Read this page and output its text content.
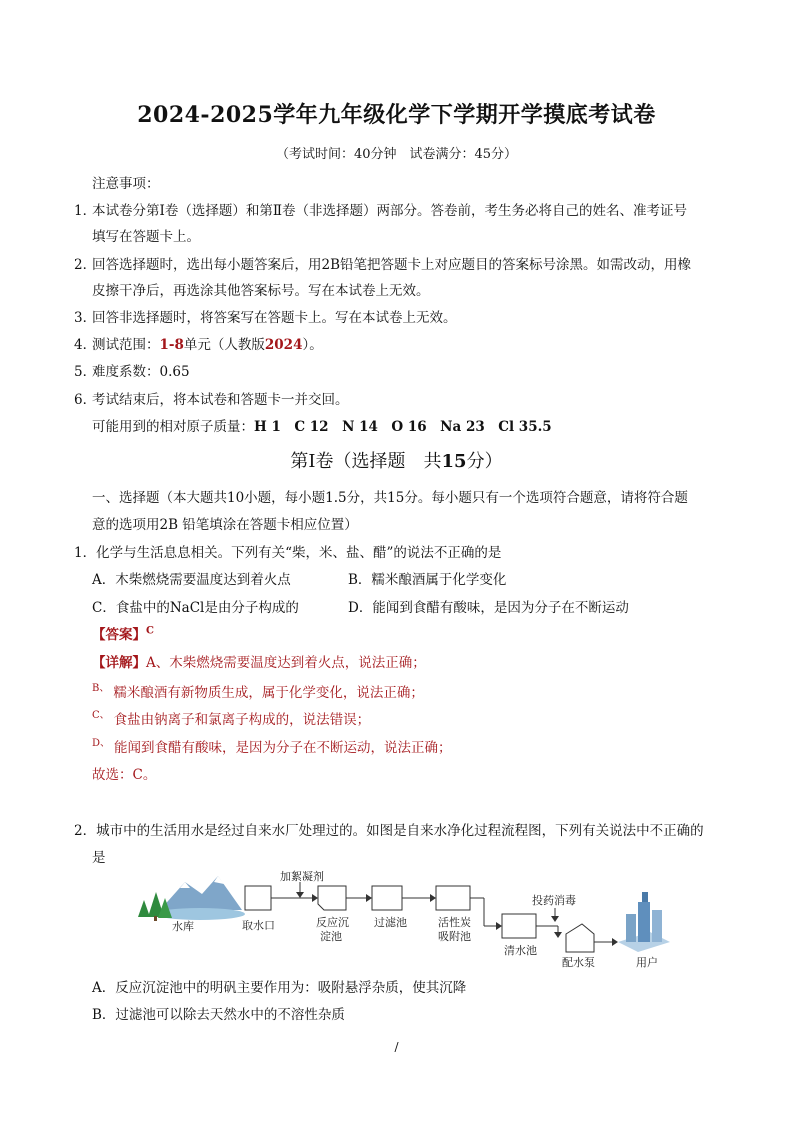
2024-2025学年九年级化学下学期开学摸底考试卷
（考试时间：40分钟　试卷满分：45分）
注意事项：
1．
本试卷分第Ⅰ卷（选择题）和第Ⅱ卷（非选择题）两部分。答卷前，考生务必将自己的姓名、准考证号
填写在答题卡上。
2．
回答选择题时，选出每小题答案后，用2B铅笔把答题卡上对应题目的答案标号涂黑。如需改动，用橡
皮擦干净后，再选涂其他答案标号。写在本试卷上无效。
3．
回答非选择题时，将答案写在答题卡上。写在本试卷上无效。
4．
测试范围：1-8单元（人教版2024）。
5．
难度系数：0.65
6．
考试结束后，将本试卷和答题卡一并交回。
可能用到的相对原子质量：H 1　C 12　N 14　O 16　Na 23　Cl 35.5
第Ⅰ卷（选择题　共15分）
一、选择题（本大题共10小题，每小题1.5分，共15分。每小题只有一个选项符合题意，请将符合题
意的选项用2B 铅笔填涂在答题卡相应位置）
1．化学与生活息息相关。下列有关“柴，米、盐、醋”的说法不正确的是
A．木柴燃烧需要温度达到着火点	B．糯米酿酒属于化学变化
C．食盐中的NaCl是由分子构成的	D．能闻到食醋有酸味，是因为分子在不断运动
【答案】$^C$
【详解】A、木柴燃烧需要温度达到着火点，说法正确；
$^{B、}$ 糯米酿酒有新物质生成，属于化学变化，说法正确；
$^{C、}$ 食盐由钠离子和氯离子构成的，说法错误；
$^{D、}$ 能闻到食醋有酸味，是因为分子在不断运动，说法正确；
故选：C。
2．城市中的生活用水是经过自来水厂处理过的。如图是自来水净化过程流程图，下列有关说法中不正确的
是
水库	取水口
加絮凝剂
反应沉
淀池
过滤池	活性炭
吸附池
清水池
投药消毒
配水泵	用户
A．反应沉淀池中的明矾主要作用为：吸附悬浮杂质，使其沉降
B．过滤池可以除去天然水中的不溶性杂质
/
